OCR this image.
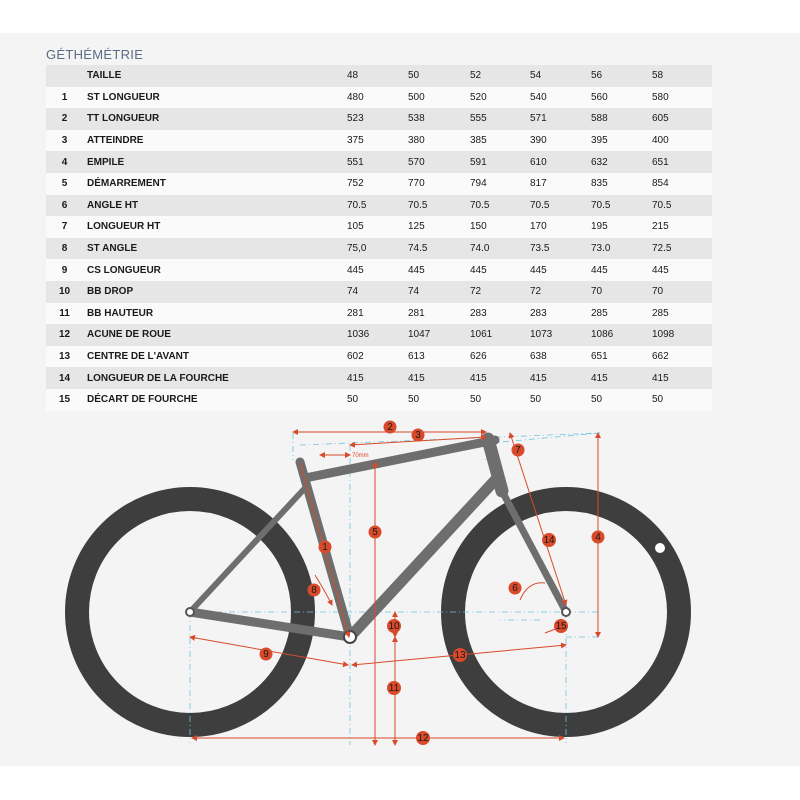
GÉTHÉMÉTRIE
	TAILLE	48	50	52	54	56	58
1	ST LONGUEUR	480	500	520	540	560	580
2	TT LONGUEUR	523	538	555	571	588	605
3	ATTEINDRE	375	380	385	390	395	400
4	EMPILE	551	570	591	610	632	651
5	DÉMARREMENT	752	770	794	817	835	854
6	ANGLE HT	70.5	70.5	70.5	70.5	70.5	70.5
7	LONGUEUR HT	105	125	150	170	195	215
8	ST ANGLE	75,0	74.5	74.0	73.5	73.0	72.5
9	CS LONGUEUR	445	445	445	445	445	445
10	BB DROP	74	74	72	72	70	70
11	BB HAUTEUR	281	281	283	283	285	285
12	ACUNE DE ROUE	1036	1047	1061	1073	1086	1098
13	CENTRE DE L'AVANT	602	613	626	638	651	662
14	LONGUEUR DE LA FOURCHE	415	415	415	415	415	415
15	DÉCART DE FOURCHE	50	50	50	50	50	50
70mm
1
2
3
4
5
6
7
8
9
10
11
12
13
14
15
